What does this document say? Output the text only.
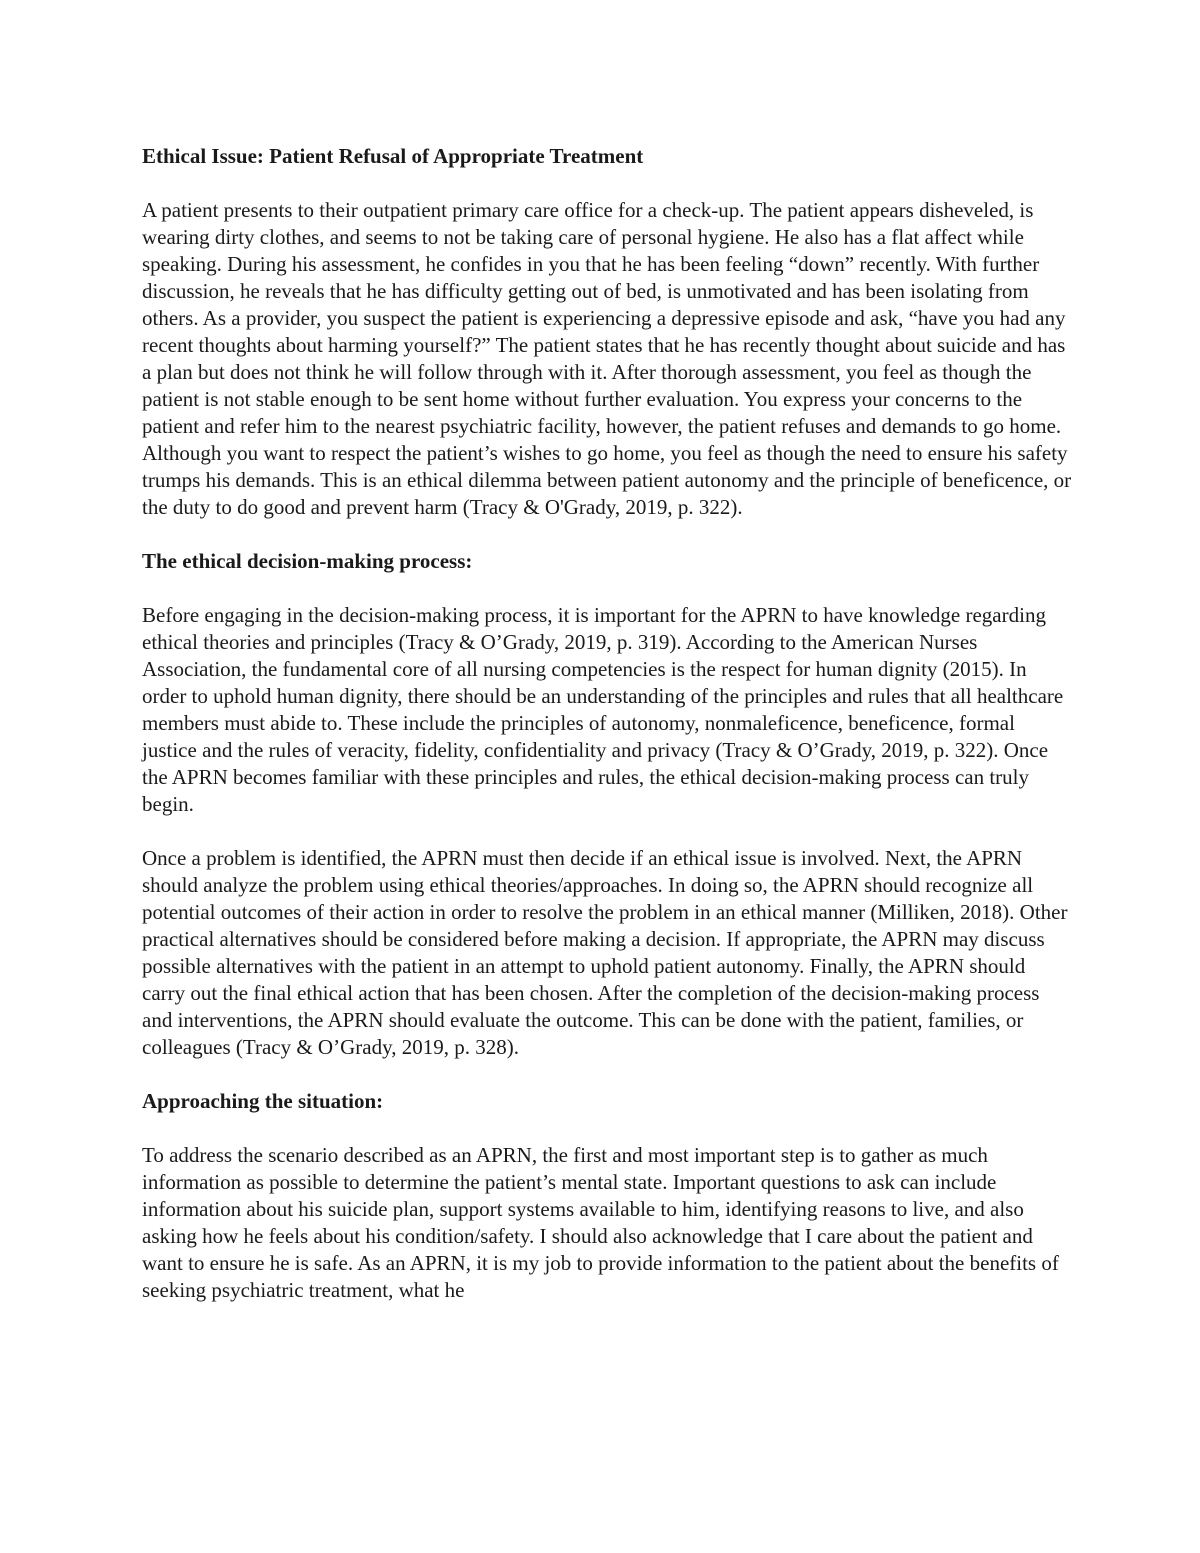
Ethical Issue: Patient Refusal of Appropriate Treatment

A patient presents to their outpatient primary care office for a check-up. The patient appears disheveled, is wearing dirty clothes, and seems to not be taking care of personal hygiene. He also has a flat affect while speaking. During his assessment, he confides in you that he has been feeling “down” recently. With further discussion, he reveals that he has difficulty getting out of bed, is unmotivated and has been isolating from others. As a provider, you suspect the patient is experiencing a depressive episode and ask, “have you had any recent thoughts about harming yourself?” The patient states that he has recently thought about suicide and has a plan but does not think he will follow through with it. After thorough assessment, you feel as though the patient is not stable enough to be sent home without further evaluation. You express your concerns to the patient and refer him to the nearest psychiatric facility, however, the patient refuses and demands to go home. Although you want to respect the patient’s wishes to go home, you feel as though the need to ensure his safety trumps his demands. This is an ethical dilemma between patient autonomy and the principle of beneficence, or the duty to do good and prevent harm (Tracy & O'Grady, 2019, p. 322).

The ethical decision-making process:

Before engaging in the decision-making process, it is important for the APRN to have knowledge regarding ethical theories and principles (Tracy & O’Grady, 2019, p. 319). According to the American Nurses Association, the fundamental core of all nursing competencies is the respect for human dignity (2015). In order to uphold human dignity, there should be an understanding of the principles and rules that all healthcare members must abide to. These include the principles of autonomy, nonmaleficence, beneficence, formal justice and the rules of veracity, fidelity, confidentiality and privacy (Tracy & O’Grady, 2019, p. 322). Once the APRN becomes familiar with these principles and rules, the ethical decision-making process can truly begin.

Once a problem is identified, the APRN must then decide if an ethical issue is involved. Next, the APRN should analyze the problem using ethical theories/approaches. In doing so, the APRN should recognize all potential outcomes of their action in order to resolve the problem in an ethical manner (Milliken, 2018). Other practical alternatives should be considered before making a decision. If appropriate, the APRN may discuss possible alternatives with the patient in an attempt to uphold patient autonomy. Finally, the APRN should carry out the final ethical action that has been chosen. After the completion of the decision-making process and interventions, the APRN should evaluate the outcome. This can be done with the patient, families, or colleagues (Tracy & O’Grady, 2019, p. 328).

Approaching the situation:

To address the scenario described as an APRN, the first and most important step is to gather as much information as possible to determine the patient’s mental state. Important questions to ask can include information about his suicide plan, support systems available to him, identifying reasons to live, and also asking how he feels about his condition/safety. I should also acknowledge that I care about the patient and want to ensure he is safe. As an APRN, it is my job to provide information to the patient about the benefits of seeking psychiatric treatment, what he
